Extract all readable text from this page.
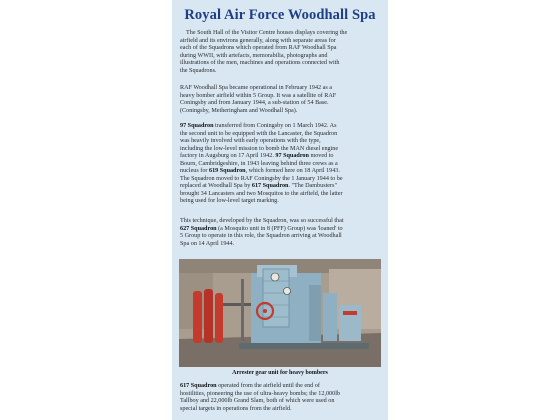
Royal Air Force Woodhall Spa

The South Hall of the Visitor Centre houses displays covering the
airfield and its environs generally, along with separate areas for
each of the Squadrons which operated from RAF Woodhall Spa
during WWII, with artefacts, memorabilia, photographs and
illustrations of the men, machines and operations connected with
the Squadrons.

RAF Woodhall Spa became operational in February 1942 as a
heavy bomber airfield within 5 Group. It was a satellite of RAF
Coningsby and from January 1944, a sub-station of 54 Base.
(Coningsby, Metheringham and Woodhall Spa).

97 Squadron transferred from Coningsby on 1 March 1942. As
the second unit to be equipped with the Lancaster, the Squadron
was heavily involved with early operations with the type,
including the low-level mission to bomb the MAN diesel engine
factory in Augsburg on 17 April 1942. 97 Squadron moved to
Bourn, Cambridgeshire, in 1943 leaving behind three crews as a
nucleus for 619 Squadron, which formed here on 18 April 1943.
The Squadron moved to RAF Coningsby the 1 January 1944 to be
replaced at Woodhall Spa by 617 Squadron. "The Dambusters"
brought 34 Lancasters and two Mosquitos to the airfield, the latter
being used for low-level target marking.

This technique, developed by the Squadron, was so successful that
627 Squadron (a Mosquito unit in 8 (PFF) Group) was 'loaned' to
5 Group to operate in this role, the Squadron arriving at Woodhall
Spa on 14 April 1944.

Arrester gear unit for heavy bombers

617 Squadron operated from the airfield until the end of
hostilities, pioneering the use of ultra-heavy bombs; the 12,000lb
Tallboy and 22,000lb Grand Slam, both of which were used on
special targets in operations from the airfield.
